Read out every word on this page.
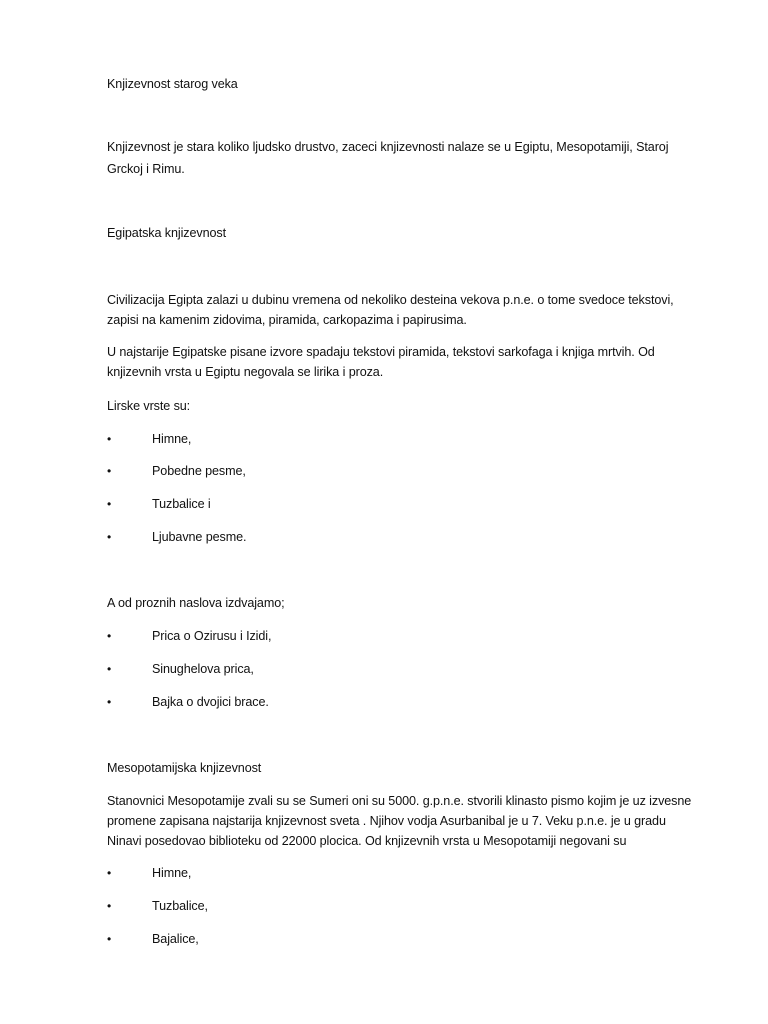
Knjizevnost starog veka
Knjizevnost je stara koliko ljudsko drustvo, zaceci knjizevnosti nalaze se u Egiptu, Mesopotamiji, Staroj
Grckoj i Rimu.
Egipatska knjizevnost
Civilizacija Egipta zalazi u dubinu vremena od nekoliko desteina vekova p.n.e. o tome svedoce tekstovi,
zapisi na kamenim zidovima, piramida, carkopazima i papirusima.
U najstarije Egipatske pisane izvore spadaju tekstovi piramida, tekstovi sarkofaga i knjiga mrtvih. Od
knjizevnih vrsta u Egiptu negovala se lirika i proza.
Lirske vrste su:
•	Himne,
•	Pobedne pesme,
•	Tuzbalice i
•	Ljubavne pesme.
A od proznih naslova izdvajamo;
•	Prica o Ozirusu i Izidi,
•	Sinughelova prica,
•	Bajka o dvojici brace.
Mesopotamijska knjizevnost
Stanovnici Mesopotamije zvali su se Sumeri oni su 5000. g.p.n.e. stvorili klinasto pismo kojim je uz izvesne
promene zapisana najstarija knjizevnost sveta . Njihov vodja Asurbanibal je u 7. Veku p.n.e. je u gradu
Ninavi posedovao biblioteku od 22000 plocica. Od knjizevnih vrsta u Mesopotamiji negovani su
•	Himne,
•	Tuzbalice,
•	Bajalice,
